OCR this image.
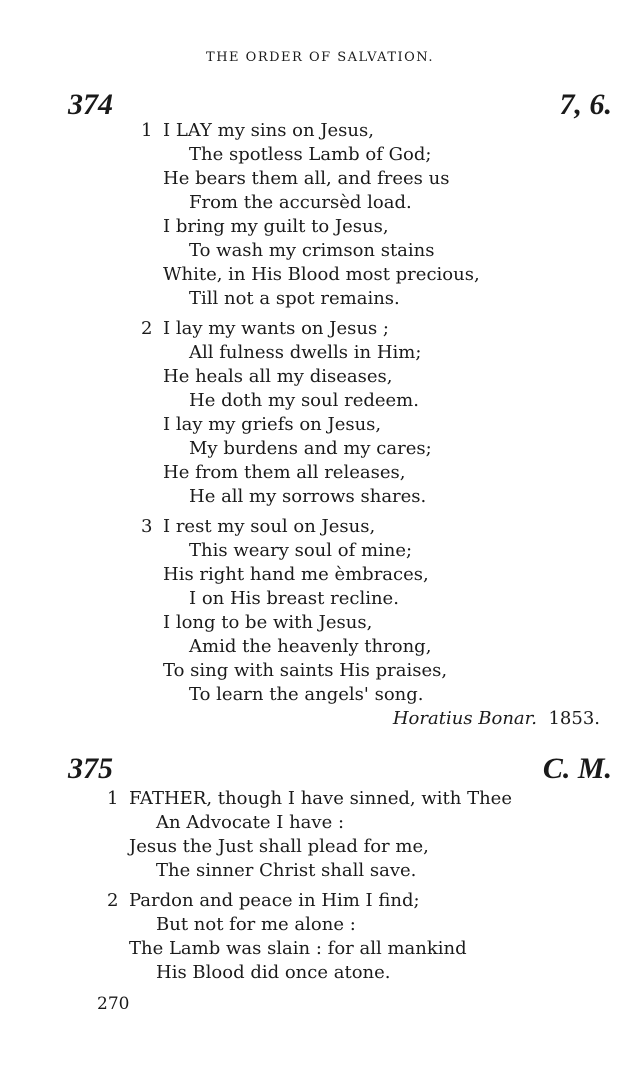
THE ORDER OF SALVATION.
374	7, 6.
1 I LAY my sins on Jesus,
The spotless Lamb of God;
He bears them all, and frees us
From the accursèd load.
I bring my guilt to Jesus,
To wash my crimson stains
White, in His Blood most precious,
Till not a spot remains.
2 I lay my wants on Jesus ;
All fulness dwells in Him;
He heals all my diseases,
He doth my soul redeem.
I lay my griefs on Jesus,
My burdens and my cares;
He from them all releases,
He all my sorrows shares.
3 I rest my soul on Jesus,
This weary soul of mine;
His right hand me èmbraces,
I on His breast recline.
I long to be with Jesus,
Amid the heavenly throng,
To sing with saints His praises,
To learn the angels' song.
Horatius Bonar. 1853.
375	C. M.
1 FATHER, though I have sinned, with Thee
An Advocate I have :
Jesus the Just shall plead for me,
The sinner Christ shall save.
2 Pardon and peace in Him I find;
But not for me alone :
The Lamb was slain : for all mankind
His Blood did once atone.
270
